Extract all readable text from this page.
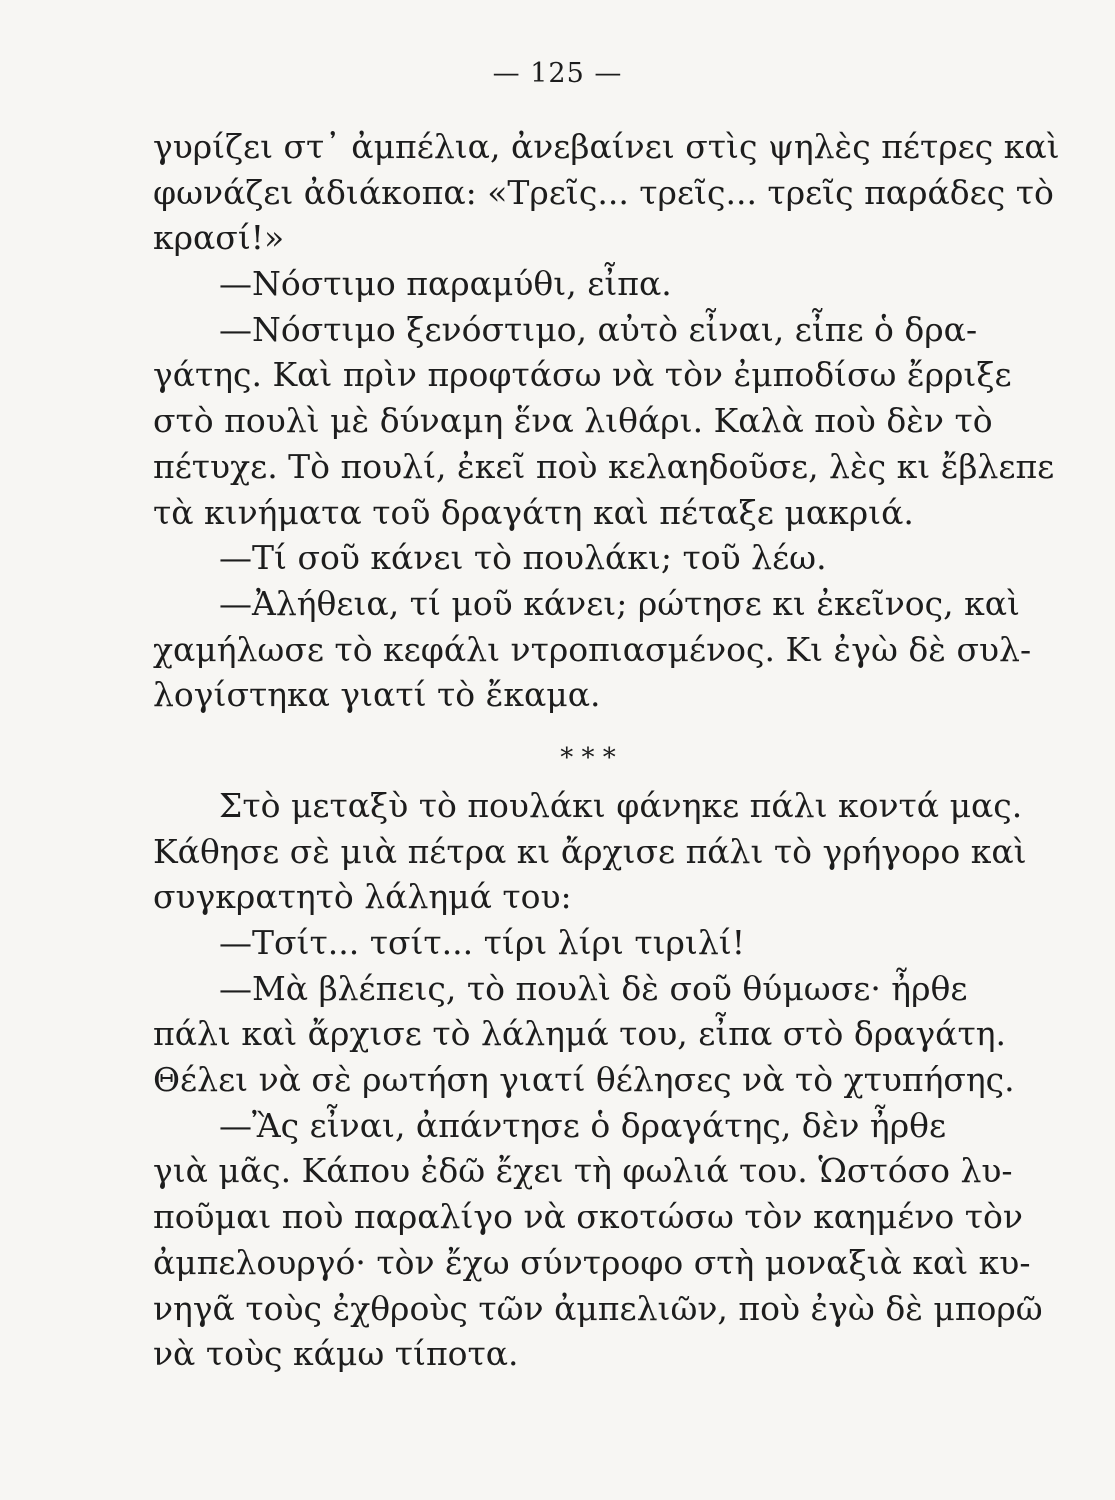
— 125 —
γυρίζει στ᾿ ἀμπέλια, ἀνεβαίνει στὶς ψηλὲς πέτρες καὶ
φωνάζει ἀδιάκοπα: «Τρεῖς... τρεῖς... τρεῖς παράδες τὸ
κρασί!»
—Νόστιμο παραμύθι, εἶπα.
—Νόστιμο ξενόστιμο, αὐτὸ εἶναι, εἶπε ὁ δρα-
γάτης. Καὶ πρὶν προφτάσω νὰ τὸν ἐμποδίσω ἔρριξε
στὸ πουλὶ μὲ δύναμη ἕνα λιθάρι. Καλὰ ποὺ δὲν τὸ
πέτυχε. Τὸ πουλί, ἐκεῖ ποὺ κελαηδοῦσε, λὲς κι ἔβλεπε
τὰ κινήματα τοῦ δραγάτη καὶ πέταξε μακριά.
—Τί σοῦ κάνει τὸ πουλάκι; τοῦ λέω.
—Ἀλήθεια, τί μοῦ κάνει; ρώτησε κι ἐκεῖνος, καὶ
χαμήλωσε τὸ κεφάλι ντροπιασμένος. Κι ἐγὼ δὲ συλ-
λογίστηκα γιατί τὸ ἔκαμα.
* * *
Στὸ μεταξὺ τὸ πουλάκι φάνηκε πάλι κοντά μας.
Κάθησε σὲ μιὰ πέτρα κι ἄρχισε πάλι τὸ γρήγορο καὶ
συγκρατητὸ λάλημά του:
—Τσίτ... τσίτ... τίρι λίρι τιριλί!
—Μὰ βλέπεις, τὸ πουλὶ δὲ σοῦ θύμωσε· ἦρθε
πάλι καὶ ἄρχισε τὸ λάλημά του, εἶπα στὸ δραγάτη.
Θέλει νὰ σὲ ρωτήση γιατί θέλησες νὰ τὸ χτυπήσης.
—Ἂς εἶναι, ἀπάντησε ὁ δραγάτης, δὲν ἦρθε
γιὰ μᾶς. Κάπου ἐδῶ ἔχει τὴ φωλιά του. Ὡστόσο λυ-
ποῦμαι ποὺ παραλίγο νὰ σκοτώσω τὸν καημένο τὸν
ἀμπελουργό· τὸν ἔχω σύντροφο στὴ μοναξιὰ καὶ κυ-
νηγᾶ τοὺς ἐχθροὺς τῶν ἀμπελιῶν, ποὺ ἐγὼ δὲ μπορῶ
νὰ τοὺς κάμω τίποτα.
